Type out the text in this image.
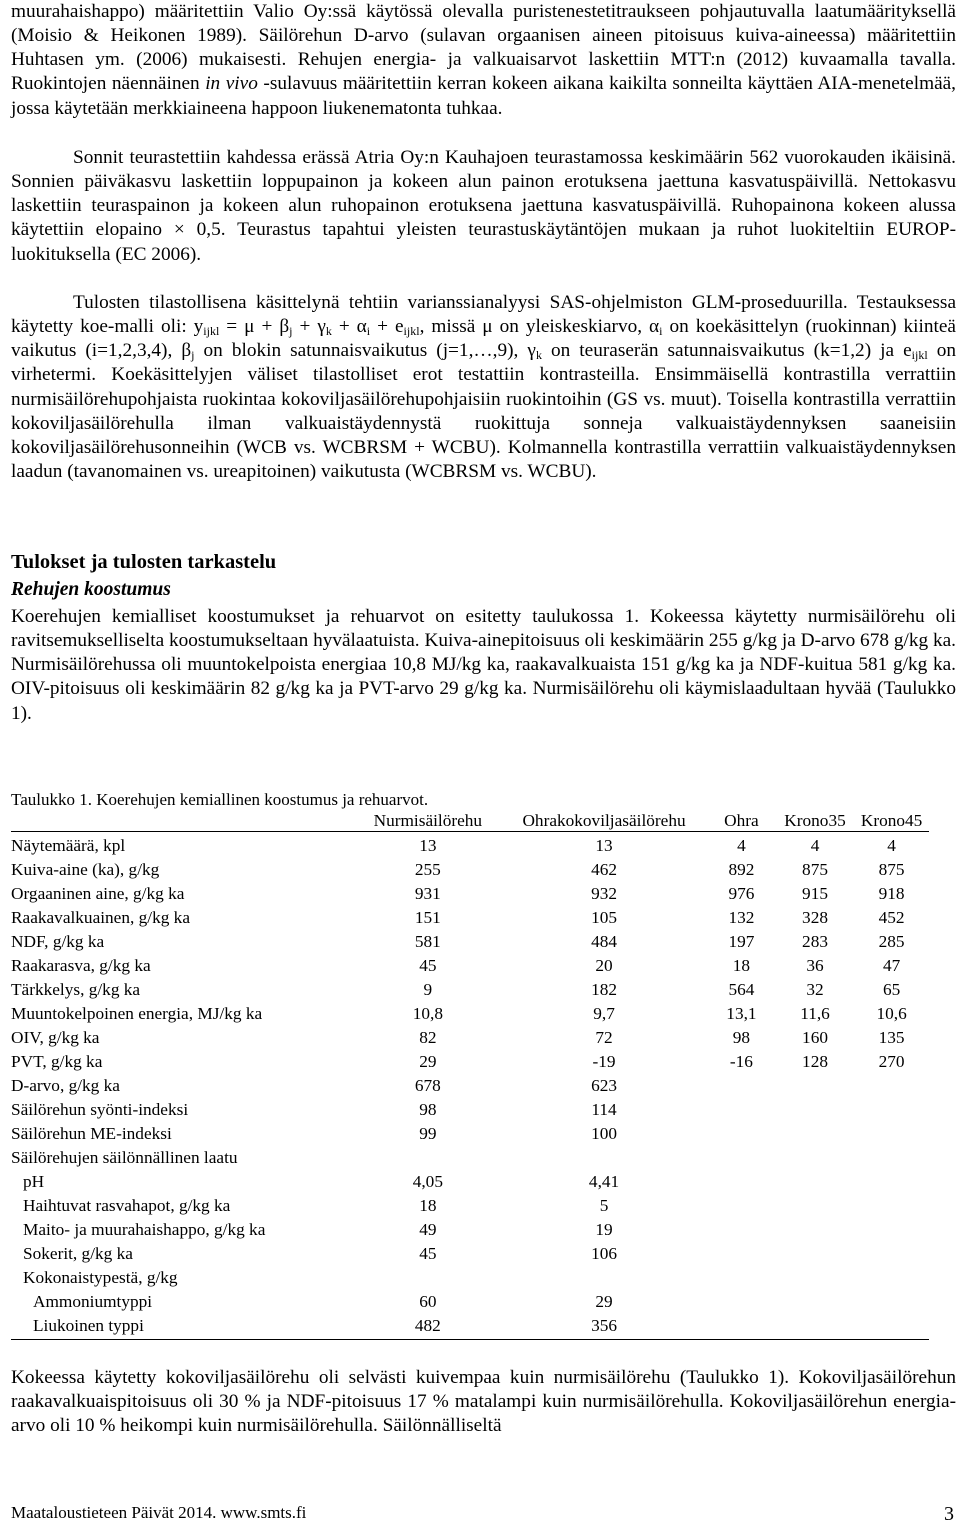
muurahaishappo) määritettiin Valio Oy:ssä käytössä olevalla puristenestetitraukseen pohjautuvalla laatumäärityksellä (Moisio & Heikonen 1989). Säilörehun D-arvo (sulavan orgaanisen aineen pitoisuus kuiva-aineessa) määritettiin Huhtasen ym. (2006) mukaisesti. Rehujen energia- ja valkuaisarvot laskettiin MTT:n (2012) kuvaamalla tavalla. Ruokintojen näennäinen in vivo -sulavuus määritettiin kerran kokeen aikana kaikilta sonneilta käyttäen AIA-menetelmää, jossa käytetään merkkiaineena happoon liukenematonta tuhkaa.

Sonnit teurastettiin kahdessa erässä Atria Oy:n Kauhajoen teurastamossa keskimäärin 562 vuorokauden ikäisinä. Sonnien päiväkasvu laskettiin loppupainon ja kokeen alun painon erotuksena jaettuna kasvatuspäivillä. Nettokasvu laskettiin teuraspainon ja kokeen alun ruhopainon erotuksena jaettuna kasvatuspäivillä. Ruhopainona kokeen alussa käytettiin elopaino × 0,5. Teurastus tapahtui yleisten teurastuskäytäntöjen mukaan ja ruhot luokiteltiin EUROP-luokituksella (EC 2006).

Tulosten tilastollisena käsittelynä tehtiin varianssianalyysi SAS-ohjelmiston GLM-proseduurilla. Testauksessa käytetty koe-malli oli: $y_{ijkl} = \mu + \beta_j + \gamma_k + \alpha_i + e_{ijkl}$, missä μ on yleiskeskiarvo, $\alpha_i$ on koekäsittelyn (ruokinnan) kiinteä vaikutus (i=1,2,3,4), $\beta_j$ on blokin satunnaisvaikutus (j=1,…,9), $\gamma_k$ on teuraserän satunnaisvaikutus (k=1,2) ja $e_{ijkl}$ on virhetermi. Koekäsittelyjen väliset tilastolliset erot testattiin kontrasteilla. Ensimmäisellä kontrastilla verrattiin nurmisäilörehupohjaista ruokintaa kokoviljasäilörehupohjaisiin ruokintoihin (GS vs. muut). Toisella kontrastilla verrattiin kokoviljasäilörehulla ilman valkuaistäydennystä ruokittuja sonneja valkuaistäydennyksen saaneisiin kokoviljasäilörehusonneihin (WCB vs. WCBRSM + WCBU). Kolmannella kontrastilla verrattiin valkuaistäydennyksen laadun (tavanomainen vs. ureapitoinen) vaikutusta (WCBRSM vs. WCBU).

Tulokset ja tulosten tarkastelu
Rehujen koostumus

Koerehujen kemialliset koostumukset ja rehuarvot on esitetty taulukossa 1. Kokeessa käytetty nurmisäilörehu oli ravitsemukselliselta koostumukseltaan hyvälaatuista. Kuiva-ainepitoisuus oli keskimäärin 255 g/kg ja D-arvo 678 g/kg ka. Nurmisäilörehussa oli muuntokelpoista energiaa 10,8 MJ/kg ka, raakavalkuaista 151 g/kg ka ja NDF-kuitua 581 g/kg ka. OIV-pitoisuus oli keskimäärin 82 g/kg ka ja PVT-arvo 29 g/kg ka. Nurmisäilörehu oli käymislaadultaan hyvää (Taulukko 1).

Taulukko 1. Koerehujen kemiallinen koostumus ja rehuarvot.

	Nurmisäilörehu	Ohrakokoviljasäilörehu	Ohra	Krono35	Krono45
Näytemäärä, kpl	13	13	4	4	4
Kuiva-aine (ka), g/kg	255	462	892	875	875
Orgaaninen aine, g/kg ka	931	932	976	915	918
Raakavalkuainen, g/kg ka	151	105	132	328	452
NDF, g/kg ka	581	484	197	283	285
Raakarasva, g/kg ka	45	20	18	36	47
Tärkkelys, g/kg ka	9	182	564	32	65
Muuntokelpoinen energia, MJ/kg ka	10,8	9,7	13,1	11,6	10,6
OIV, g/kg ka	82	72	98	160	135
PVT, g/kg ka	29	-19	-16	128	270
D-arvo, g/kg ka	678	623			
Säilörehun syönti-indeksi	98	114			
Säilörehun ME-indeksi	99	100			
Säilörehujen säilönnällinen laatu					
pH	4,05	4,41			
Haihtuvat rasvahapot, g/kg ka	18	5			
Maito- ja muurahaishappo, g/kg ka	49	19			
Sokerit, g/kg ka	45	106			
Kokonaistypestä, g/kg					
Ammoniumtyppi	60	29			
Liukoinen typpi	482	356			

Kokeessa käytetty kokoviljasäilörehu oli selvästi kuivempaa kuin nurmisäilörehu (Taulukko 1). Kokoviljasäilörehun raakavalkuaispitoisuus oli 30 % ja NDF-pitoisuus 17 % matalampi kuin nurmisäilörehulla. Kokoviljasäilörehun energia-arvo oli 10 % heikompi kuin nurmisäilörehulla. Säilönnälliseltä

Maataloustieteen Päivät 2014. www.smts.fi	3
